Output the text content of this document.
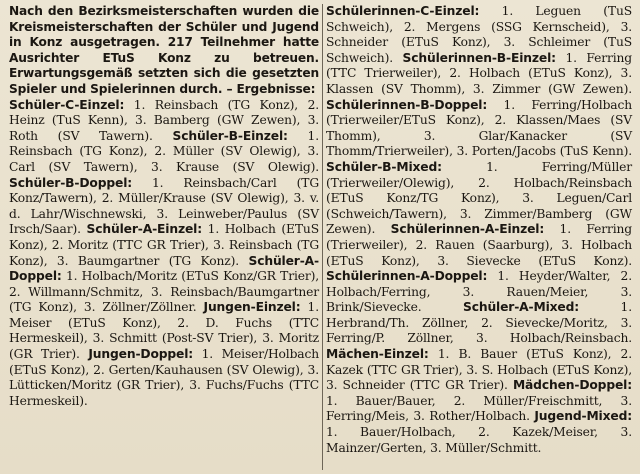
Nach den Bezirksmeisterschaften wurden die Kreismeisterschaften der Schüler und Jugend in Konz ausgetragen. 217 Teilnehmer hatte Ausrichter ETuS Konz zu betreuen. Erwartungsgemäß setzten sich die gesetzten Spieler und Spielerinnen durch. – Ergebnisse:

Schüler-C-Einzel: 1. Reinsbach (TG Konz), 2. Heinz (TuS Kenn), 3. Bamberg (GW Zewen), 3. Roth (SV Tawern). Schüler-B-Einzel: 1. Reinsbach (TG Konz), 2. Müller (SV Olewig), 3. Carl (SV Tawern), 3. Krause (SV Olewig). Schüler-B-Doppel: 1. Reinsbach/Carl (TG Konz/Tawern), 2. Müller/Krause (SV Olewig), 3. v. d. Lahr/Wischnewski, 3. Leinweber/Paulus (SV Irsch/Saar). Schüler-A-Einzel: 1. Holbach (ETuS Konz), 2. Moritz (TTC GR Trier), 3. Reinsbach (TG Konz), 3. Baumgartner (TG Konz). Schüler-A-Doppel: 1. Holbach/Moritz (ETuS Konz/GR Trier), 2. Willmann/Schmitz, 3. Reinsbach/Baumgartner (TG Konz), 3. Zöllner/Zöllner. Jungen-Einzel: 1. Meiser (ETuS Konz), 2. D. Fuchs (TTC Hermeskeil), 3. Schmitt (Post-SV Trier), 3. Moritz (GR Trier). Jungen-Doppel: 1. Meiser/Holbach (ETuS Konz), 2. Gerten/Kauhausen (SV Olewig), 3. Lütticken/Moritz (GR Trier), 3. Fuchs/Fuchs (TTC Hermeskeil).

Schülerinnen-C-Einzel: 1. Leguen (TuS Schweich), 2. Mergens (SSG Kernscheid), 3. Schneider (ETuS Konz), 3. Schleimer (TuS Schweich). Schülerinnen-B-Einzel: 1. Ferring (TTC Trierweiler), 2. Holbach (ETuS Konz), 3. Klassen (SV Thomm), 3. Zimmer (GW Zewen). Schülerinnen-B-Doppel: 1. Ferring/Holbach (Trierweiler/ETuS Konz), 2. Klassen/Maes (SV Thomm), 3. Glar/Kanacker (SV Thomm/Trierweiler), 3. Porten/Jacobs (TuS Kenn). Schüler-B-Mixed: 1. Ferring/Müller (Trierweiler/Olewig), 2. Holbach/Reinsbach (ETuS Konz/TG Konz), 3. Leguen/Carl (Schweich/Tawern), 3. Zimmer/Bamberg (GW Zewen). Schülerinnen-A-Einzel: 1. Ferring (Trierweiler), 2. Rauen (Saarburg), 3. Holbach (ETuS Konz), 3. Sievecke (ETuS Konz). Schülerinnen-A-Doppel: 1. Heyder/Walter, 2. Holbach/Ferring, 3. Rauen/Meier, 3. Brink/Sievecke. Schüler-A-Mixed: 1. Herbrand/Th. Zöllner, 2. Sievecke/Moritz, 3. Ferring/P. Zöllner, 3. Holbach/Reinsbach. Mächen-Einzel: 1. B. Bauer (ETuS Konz), 2. Kazek (TTC GR Trier), 3. S. Holbach (ETuS Konz), 3. Schneider (TTC GR Trier). Mädchen-Doppel: 1. Bauer/Bauer, 2. Müller/Freischmitt, 3. Ferring/Meis, 3. Rother/Holbach. Jugend-Mixed: 1. Bauer/Holbach, 2. Kazek/Meiser, 3. Mainzer/Gerten, 3. Müller/Schmitt.
